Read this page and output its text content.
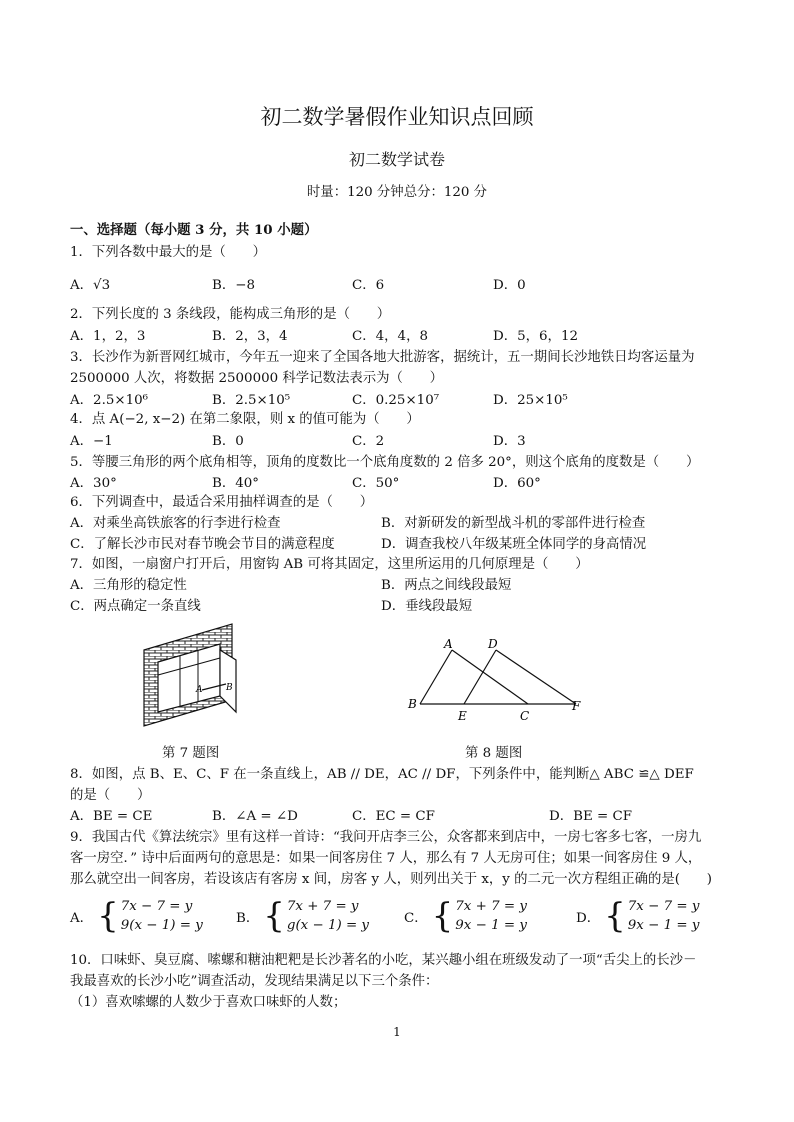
初二数学暑假作业知识点回顾
初二数学试卷
时量：120 分钟总分：120 分
一、选择题（每小题 3 分，共 10 小题）
1．下列各数中最大的是（　　）
A．√3	B．−8	C．6	D．0
2．下列长度的 3 条线段，能构成三角形的是（　　）
A．1，2，3	B．2，3，4	C．4，4，8	D．5，6，12
3．长沙作为新晋网红城市，今年五一迎来了全国各地大批游客，据统计，五一期间长沙地铁日均客运量为
2500000 人次，将数据 2500000 科学记数法表示为（　　）
A．2.5×10⁶	B．2.5×10⁵	C．0.25×10⁷	D．25×10⁵
4．点 A(−2, x−2) 在第二象限，则 x 的值可能为（　　）
A．−1	B．0	C．2	D．3
5．等腰三角形的两个底角相等，顶角的度数比一个底角度数的 2 倍多 20°，则这个底角的度数是（　　）
A．30°	B．40°	C．50°	D．60°
6．下列调查中，最适合采用抽样调查的是（　　）
A．对乘坐高铁旅客的行李进行检查	B．对新研发的新型战斗机的零部件进行检查
C．了解长沙市民对春节晚会节目的满意程度	D．调查我校八年级某班全体同学的身高情况
7．如图，一扇窗户打开后，用窗钩 AB 可将其固定，这里所运用的几何原理是（　　）
A．三角形的稳定性	B．两点之间线段最短
C．两点确定一条直线	D．垂线段最短
A	B
第 7 题图
A	D
B
E	C
F
第 8 题图
8．如图，点 B、E、C、F 在一条直线上，AB // DE，AC // DF，下列条件中，能判断△ ABC ≌△ DEF
的是（　　）
A．BE = CE	B．∠A = ∠D	C．EC = CF	D．BE = CF
9．我国古代《算法统宗》里有这样一首诗：“我问开店李三公，众客都来到店中，一房七客多七客，一房九
客一房空．” 诗中后面两句的意思是：如果一间客房住 7 人，那么有 7 人无房可住；如果一间客房住 9 人，
那么就空出一间客房，若设该店有客房 x 间，房客 y 人，则列出关于 x，y 的二元一次方程组正确的是(　　)
A． { 7x − 7 = y
9(x − 1) = y B． { 7x + 7 = y
g(x − 1) = y	C． { 7x + 7 = y
9x − 1 = y	D． { 7x − 7 = y
9x − 1 = y
10．口味虾、臭豆腐、嗦螺和糖油粑粑是长沙著名的小吃，某兴趣小组在班级发动了一项“舌尖上的长沙－
我最喜欢的长沙小吃”调查活动，发现结果满足以下三个条件：
（1）喜欢嗦螺的人数少于喜欢口味虾的人数；
1
